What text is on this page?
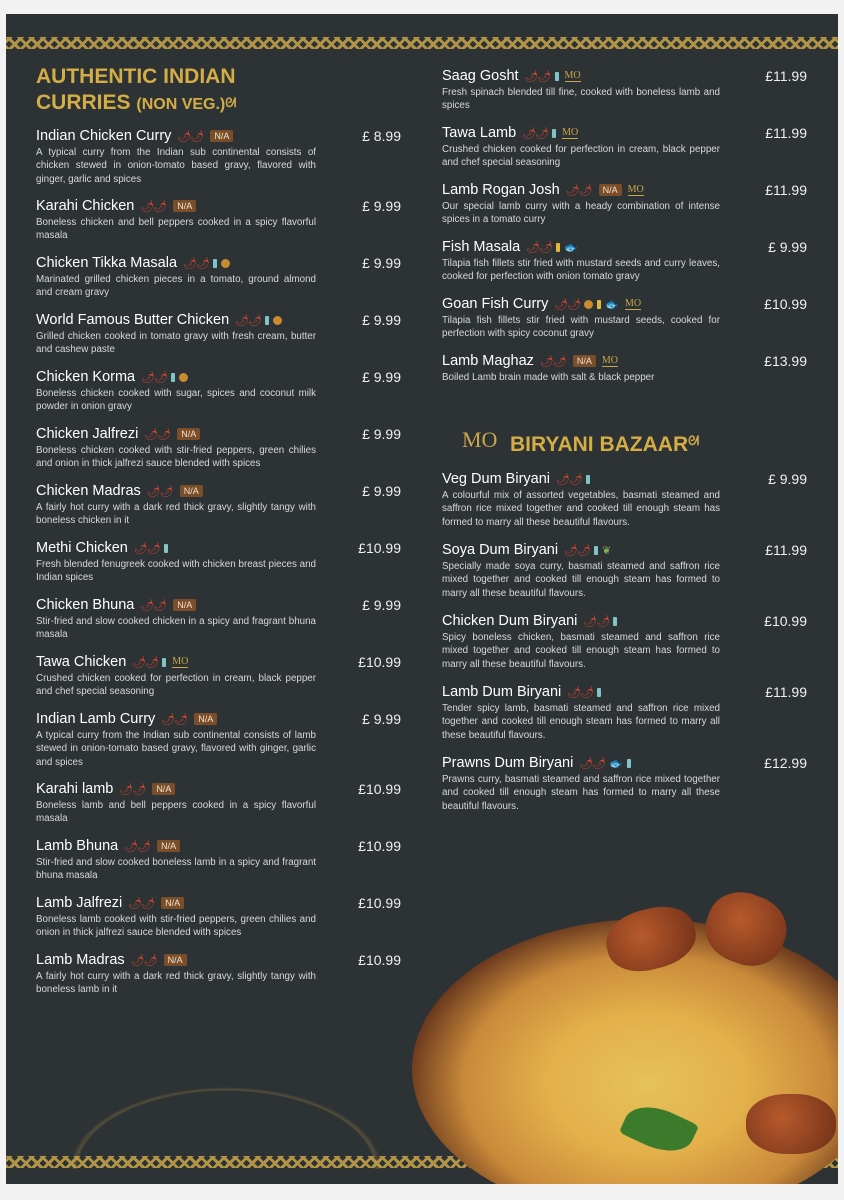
AUTHENTIC INDIAN
CURRIES (NON VEG.) ᘛ
Indian Chicken Curry 🌶🌶	N/A	£ 8.99
A typical curry from the Indian sub continental consists of chicken stewed in onion-tomato based gravy, flavored with ginger, garlic and spices
Karahi Chicken 🌶🌶	N/A	£ 9.99
Boneless chicken and bell peppers cooked in a spicy flavorful masala
Chicken Tikka Masala 🌶🌶	£ 9.99
Marinated grilled chicken pieces in a tomato, ground almond and cream gravy
World Famous Butter Chicken 🌶🌶	£ 9.99
Grilled chicken cooked in tomato gravy with fresh cream, butter and cashew paste
Chicken Korma 🌶🌶	£ 9.99
Boneless chicken cooked with sugar, spices and coconut milk powder in onion gravy
Chicken Jalfrezi 🌶🌶	N/A	£ 9.99
Boneless chicken cooked with stir-fried peppers, green chilies and onion in thick jalfrezi sauce blended with spices
Chicken Madras 🌶🌶	N/A	£ 9.99
A fairly hot curry with a dark red thick gravy, slightly tangy with boneless chicken in it
Methi Chicken 🌶🌶	£10.99
Fresh blended fenugreek cooked with chicken breast pieces and Indian spices
Chicken Bhuna 🌶🌶	N/A	£ 9.99
Stir-fried and slow cooked chicken in a spicy and fragrant bhuna masala
Tawa Chicken 🌶🌶 MO	£10.99
Crushed chicken cooked for perfection in cream, black pepper and chef special seasoning
Indian Lamb Curry 🌶🌶	N/A	£ 9.99
A typical curry from the Indian sub continental consists of lamb stewed in onion-tomato based gravy, flavored with ginger, garlic and spices
Karahi lamb 🌶🌶	N/A	£10.99
Boneless lamb and bell peppers cooked in a spicy flavorful masala
Lamb Bhuna 🌶🌶	N/A	£10.99
Stir-fried and slow cooked boneless lamb in a spicy and fragrant bhuna masala
Lamb Jalfrezi 🌶🌶	N/A	£10.99
Boneless lamb cooked with stir-fried peppers, green chilies and onion in thick jalfrezi sauce blended with spices
Lamb Madras 🌶🌶	N/A	£10.99
A fairly hot curry with a dark red thick gravy, slightly tangy with boneless lamb in it
Saag Gosht 🌶🌶 MO	£11.99
Fresh spinach blended till fine, cooked with boneless lamb and spices
Tawa Lamb 🌶🌶 MO	£11.99
Crushed chicken cooked for perfection in cream, black pepper and chef special seasoning
Lamb Rogan Josh 🌶🌶	N/A	MO	£11.99
Our special lamb curry with a heady combination of intense spices in a tomato curry
Fish Masala 🌶🌶 🐟	£ 9.99
Tilapia fish fillets stir fried with mustard seeds and curry leaves, cooked for perfection with onion tomato gravy
Goan Fish Curry 🌶🌶 🐟 MO	£10.99
Tilapia fish fillets stir fried with mustard seeds, cooked for perfection with spicy coconut gravy
Lamb Maghaz 🌶🌶	N/A	MO	£13.99
Boiled Lamb brain made with salt & black pepper
MO BIRYANI BAZAAR ᘛ
Veg Dum Biryani 🌶🌶	£ 9.99
A colourful mix of assorted vegetables, basmati steamed and saffron rice mixed together and cooked till enough steam has formed to marry all these beautiful flavours.
Soya Dum Biryani 🌶🌶 ❦	£11.99
Specially made soya curry, basmati steamed and saffron rice mixed together and cooked till enough steam has formed to marry all these beautiful flavours.
Chicken Dum Biryani 🌶🌶	£10.99
Spicy boneless chicken, basmati steamed and saffron rice mixed together and cooked till enough steam has formed to marry all these beautiful flavours.
Lamb Dum Biryani 🌶🌶	£11.99
Tender spicy lamb, basmati steamed and saffron rice mixed together and cooked till enough steam has formed to marry all these beautiful flavours.
Prawns Dum Biryani 🌶🌶 🐟	£12.99
Prawns curry, basmati steamed and saffron rice mixed together and cooked till enough steam has formed to marry all these beautiful flavours.
